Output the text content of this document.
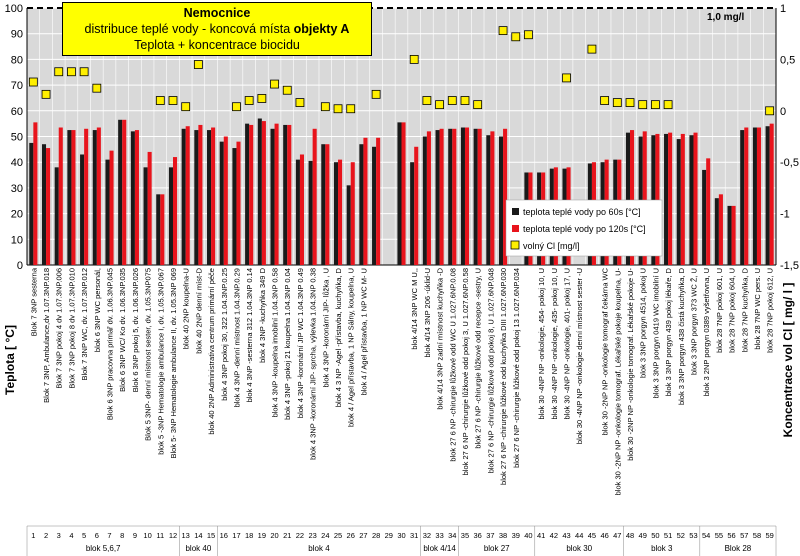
0
10
20
30
40
50
60
70
80
90
100
-1,5
-1
-0,5
0
0,5
1
Blok 7 3NP sesterna Blok 7 3NP, Ambulance,dv 1.07.3NP.018 Blok 7 3NP pokoj 4 dv 1.07.3NP.006 Blok 7 3NP pokoj 8 dv 1.07.3NP.010 Blok 7 3NP WC, dv. 1.07.3NP.012 blok 6 3NP WC personál, Blok 6 3NP pracovna primář dv. 1.06.3NP.045 Blok 6 3NP WC/ Ko dv. 1.06.3NP.035 Blok 6 3NP pokoj 5, dv. 1.06.3NP.026 Blok 5 3NP- denní místnost sester, dv. 1.05.3NP075 blok 5 -3NP Hematologie ambulance I, dv. 1.05.3NP.067 Blok 5- 3NP Hematologie ambulance II, dv. 1.05.3NP 069 blok 40 2NP koupelna-U blok 40 2NP denní míst-D blok 40 2NP Administrativa centrum primární péče blok 4 3NP pokoj 30, 322 1.04.3NP.0.25 blok 4 3NP -denní místnost 1.04.3NP.0.29 blok 4 3NP -sesterna 312 1.04.3NP 0.14 blok 4 3NP -kuchyňka 349 D blok 4 3NP -koupelna imobilní 1.04.3NP 0.58 blok 4 3NP -pokoj 21 koupelna 1.04.3NP 0.04 blok 4 3NP -koronární JIP WC 1.04.3NP 0.49 blok 4 3NP -koronární JIP- sprcha, výlevka 1.04.3NP 0.38 blok 4 3NP -koronární JIP- lůžka , U blok 4 3 NP -Agel -přístavba, kuchyňka, D blok 4 / Agel přístavba, 1 NP Sálny, koupelna, U blok 4 / Agel přístavba, 1 NP WC M- U	blok 4/14 3NP WC M U,, blok 4/14 3NP 206 -úklid-U blok 4/14 3NP zadní místnost kuchyňka -D blok 27 6 NP -chirurgie lůžkové odd WC U 1.027.6NP.0.08 blok 27 6 NP -chirurgie lůžkové odd pokoj 3, U 1.027.6NP.0.58 blok 27 6 NP -chirurgie lůžkové odd recepce -sestry, U blok 27 6 NP -chirurgie lůžkové odd pokoj 8, U 1.027.6NP.048 blok 27 6 NP -chirurgie lůžkové odd kuchyňka DIII 1.027.6NP.030 blok 27 6 NP -chirurgie lůžkové odd pokoj 13 1.027.6NP.034 blok 30 -4NP NP -onkologie, 454- pokoj 10, U blok 30 -4NP NP -onkologie, 435- pokoj 10, U blok 30 -4NP NP -onkologie, 401- pokoj 17, U blok 30 -4NP NP -onkologie denní místnost sester -U blok 30 -2NP NP -onkologie tomograf čekárna WC blok 30 -2NP NP -onkologie tomograf. Lékařské pokoje koupelna, U- blok 30 -2NP NP -onkologie tomograf. Lékařské pokoje U- blok 3 3NP porgyn 4514, pokoj U blok 3 3NP porgyn 0419 WC imobilní U blok 3 3NP porgyn 439 pokoj lékaře, D blok 3 3NP porgyn 438 čistá kuchyňka, D blok 3 3NP porgyn 373 WC Ž, U blok 3 2NP porgyn 0389 vyšetřovna, U blok 28 7NP pokoj 601, U blok 28 7NP pokoj 604, U blok 28 7NP kuchyňka, D blok 28 7NP WC pers. U blok 28 7NP pokoj 612, U
1 2 3 4 5 6 7 8 9 10 11 12 13 14 15 16 17 18 19 20 21 22 23 24 25 26 27 28 29 30 31 32 33 34 35 36 37 38 39 40 41 42 43 44 45 46 47 48 49 50 51 52 53 54 55 56 57 58 59
blok 5,6,7	blok 40	blok 4	blok 4/14	blok 27	blok 30	blok 3	Blok 28
Teplota [ °C]	Koncentrace vol Cl [ mg/ l ]
teplota teplé vody po 60s [°C]
teplota teplé vody po 120s [°C]
volný Cl [mg/l]
Nemocnice
distribuce teplé vody - koncová místa objekty A
Teplota + koncentrace biocidu
1,0 mg/l
